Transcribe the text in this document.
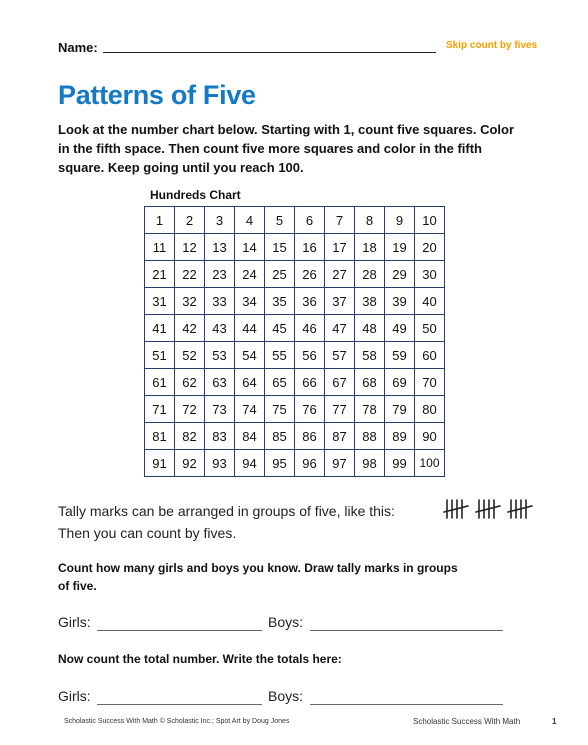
Name:	Skip count by fives
Patterns of Five
Look at the number chart below. Starting with 1, count five squares. Color in the fifth space. Then count five more squares and color in the fifth square. Keep going until you reach 100.
Hundreds Chart
1	2	3	4	5	6	7	8	9	10
11	12	13	14	15	16	17	18	19	20
21	22	23	24	25	26	27	28	29	30
31	32	33	34	35	36	37	38	39	40
41	42	43	44	45	46	47	48	49	50
51	52	53	54	55	56	57	58	59	60
61	62	63	64	65	66	67	68	69	70
71	72	73	74	75	76	77	78	79	80
81	82	83	84	85	86	87	88	89	90
91	92	93	94	95	96	97	98	99	100
Tally marks can be arranged in groups of five, like this:
Then you can count by fives.
Count how many girls and boys you know. Draw tally marks in groups of five.
Girls:	Boys:
Now count the total number. Write the totals here:
Girls:	Boys:
Scholastic Success With Math © Scholastic Inc.; Spot Art by Doug Jones	Scholastic Success With Math	1
